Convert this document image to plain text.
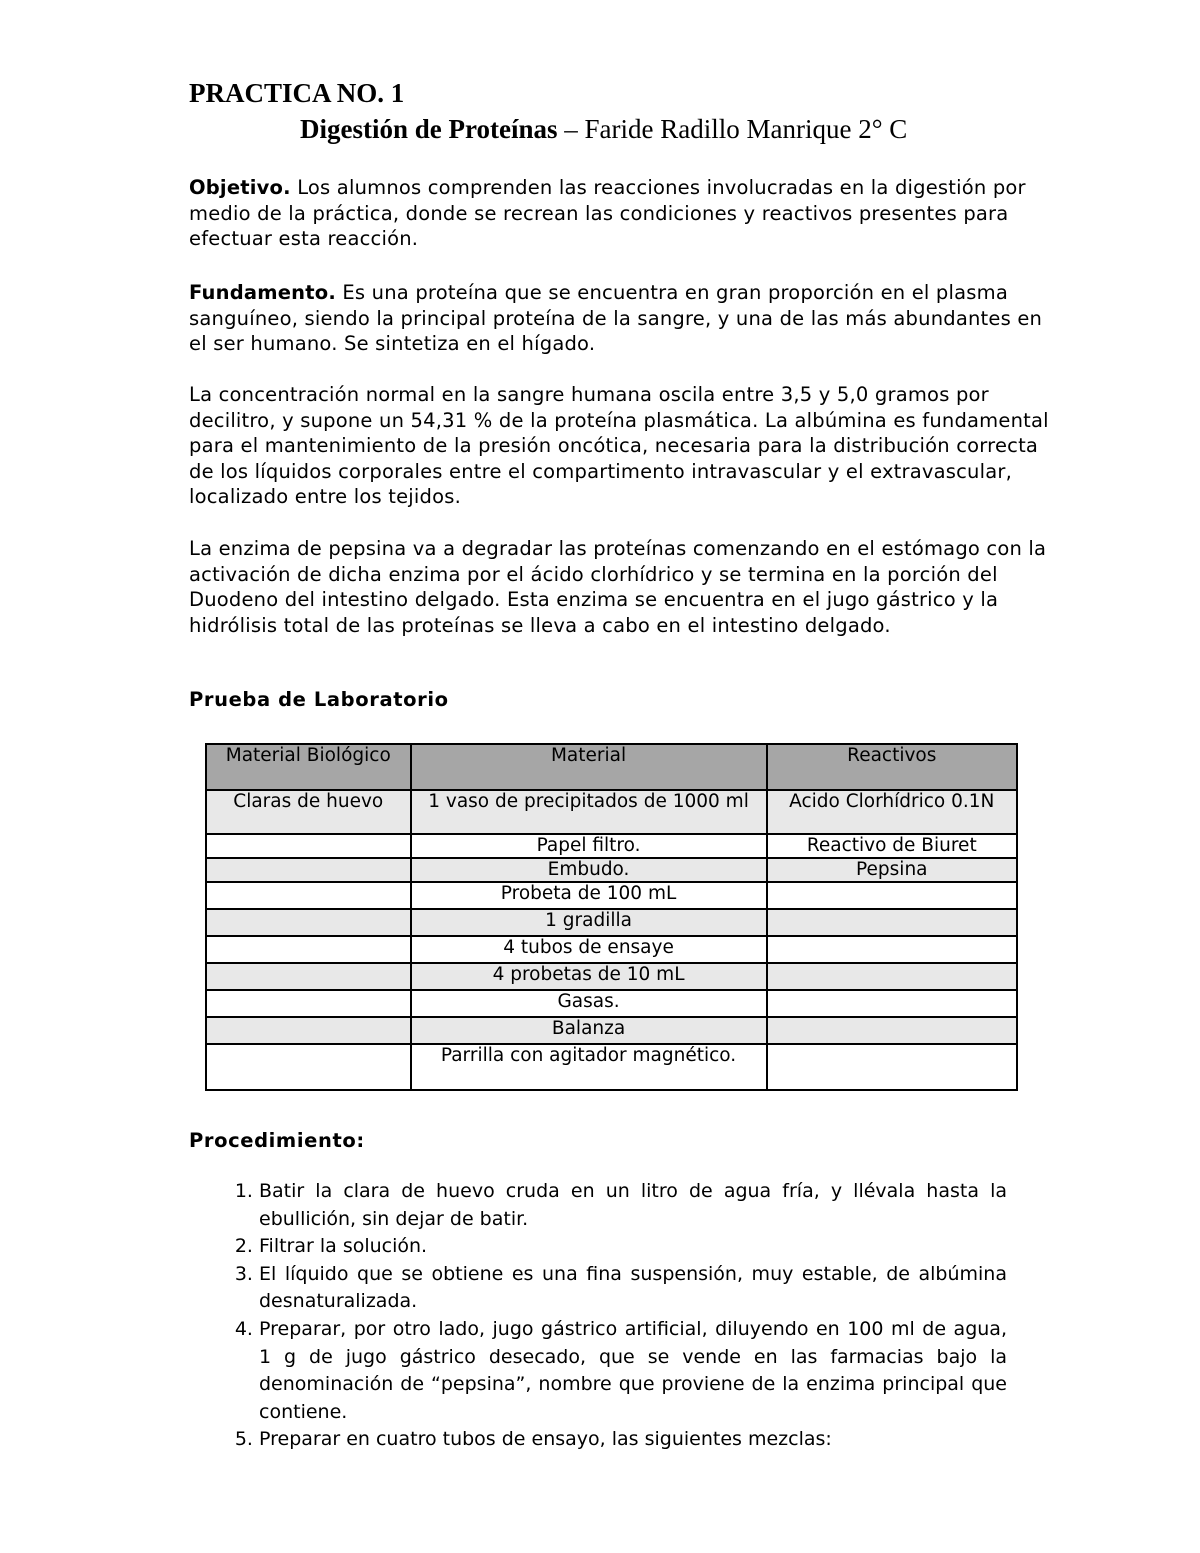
PRACTICA NO. 1
Digestión de Proteínas – Faride Radillo Manrique 2° C
Objetivo. Los alumnos comprenden las reacciones involucradas en la digestión por medio de la práctica, donde se recrean las condiciones y reactivos presentes para efectuar esta reacción.
Fundamento. Es una proteína que se encuentra en gran proporción en el plasma sanguíneo, siendo la principal proteína de la sangre, y una de las más abundantes en el ser humano. Se sintetiza en el hígado.
La concentración normal en la sangre humana oscila entre 3,5 y 5,0 gramos por decilitro, y supone un 54,31 % de la proteína plasmática. La albúmina es fundamental para el mantenimiento de la presión oncótica, necesaria para la distribución correcta de los líquidos corporales entre el compartimento intravascular y el extravascular, localizado entre los tejidos.
La enzima de pepsina va a degradar las proteínas comenzando en el estómago con la activación de dicha enzima por el ácido clorhídrico y se termina en la porción del Duodeno del intestino delgado. Esta enzima se encuentra en el jugo gástrico y la hidrólisis total de las proteínas se lleva a cabo en el intestino delgado.
Prueba de Laboratorio
Material Biológico	Material	Reactivos
Claras de huevo	1 vaso de precipitados de 1000 ml	Acido Clorhídrico 0.1N
	Papel filtro.	Reactivo de Biuret
	Embudo.	Pepsina
	Probeta de 100 mL	
	1 gradilla	
	4 tubos de ensaye	
	4 probetas de 10 mL	
	Gasas.	
	Balanza	
	Parrilla con agitador magnético.	
Procedimiento:
1. Batir la clara de huevo cruda en un litro de agua fría, y llévala hasta la ebullición, sin dejar de batir.
2. Filtrar la solución.
3. El líquido que se obtiene es una fina suspensión, muy estable, de albúmina desnaturalizada.
4. Preparar, por otro lado, jugo gástrico artificial, diluyendo en 100 ml de agua, 1 g de jugo gástrico desecado, que se vende en las farmacias bajo la denominación de “pepsina”, nombre que proviene de la enzima principal que contiene.
5. Preparar en cuatro tubos de ensayo, las siguientes mezclas:
